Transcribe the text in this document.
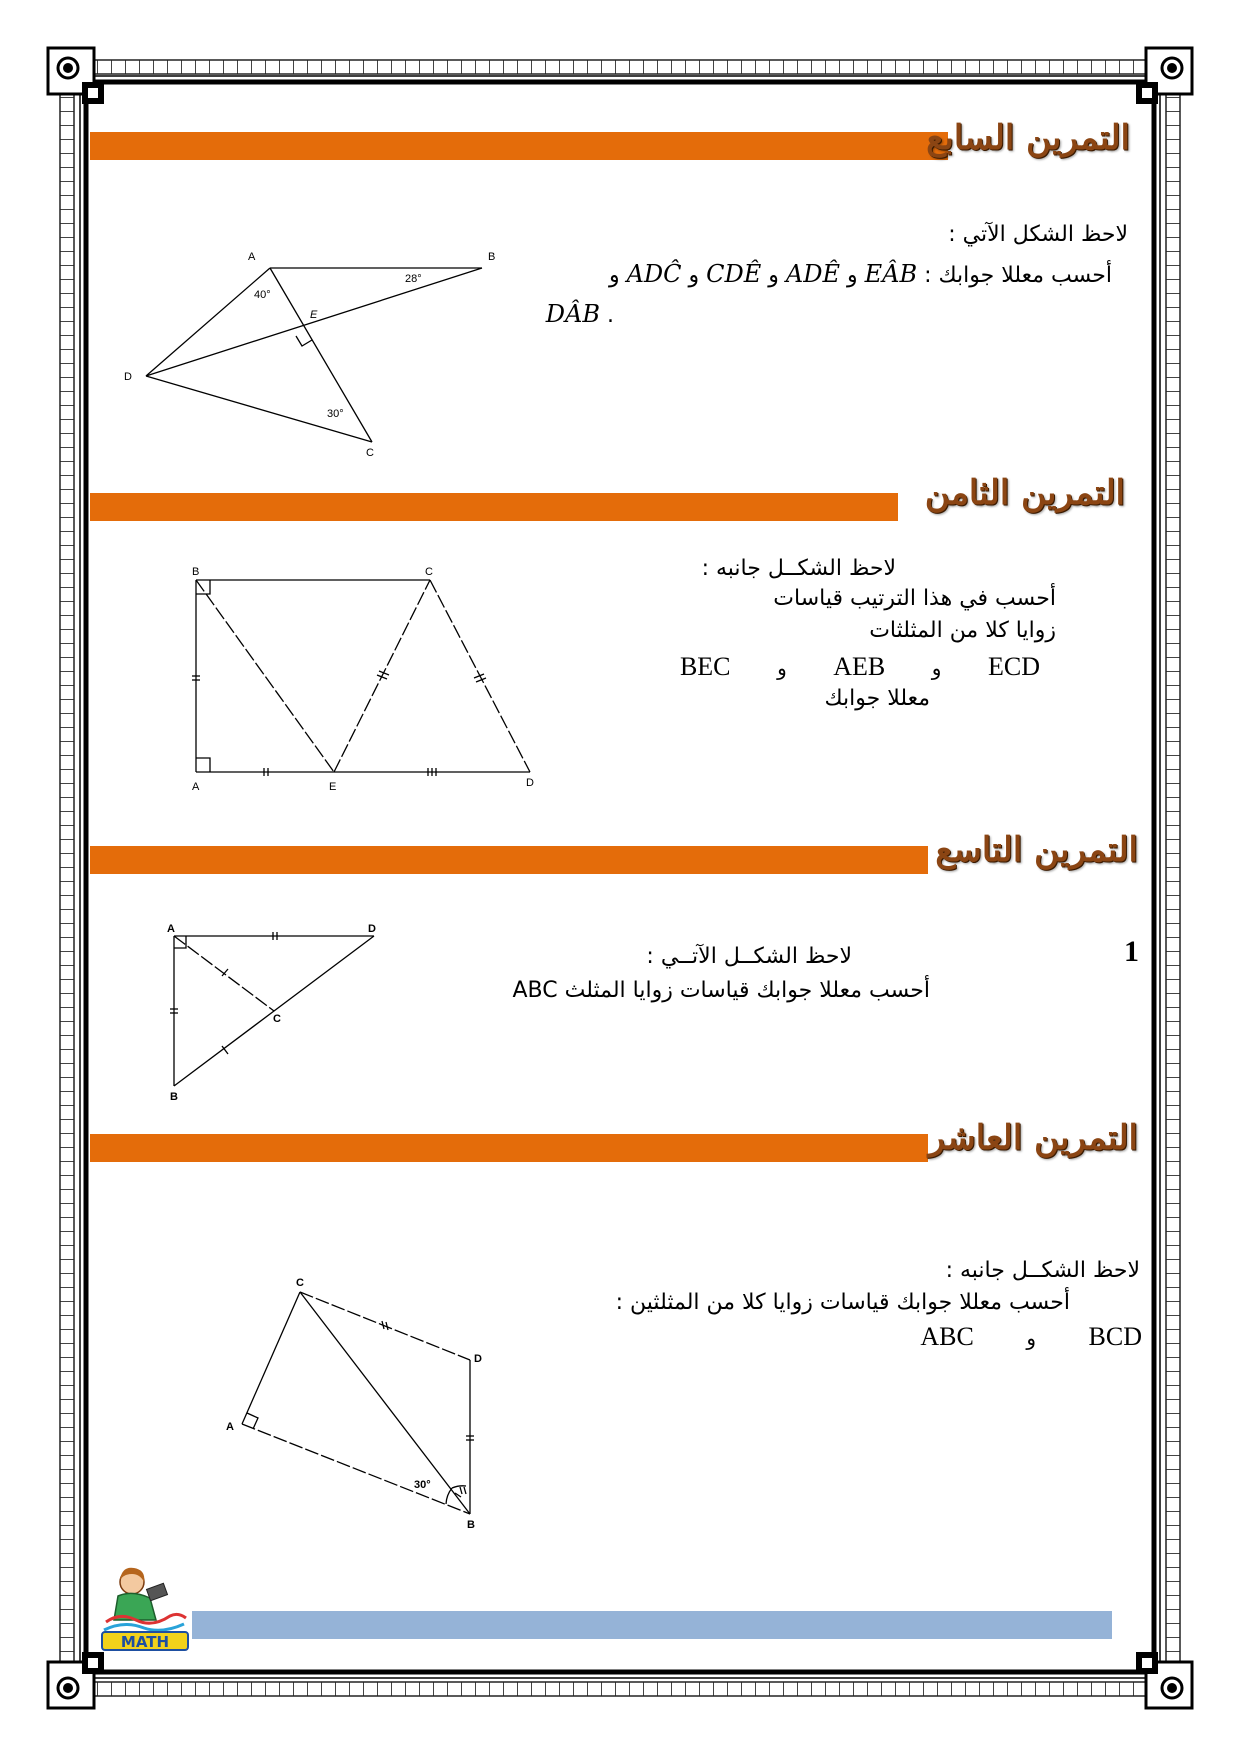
التمرين السابع
لاحظ الشكل الآتي :
أحسب معللا جوابك : EÂB و ADÊ و CDÊ و ADĈ و
. DÂB
A	B
D
E
C
40°
28°
30°
التمرين الثامن
لاحظ الشكــل جانبه :
أحسب في هذا الترتيب قياسات
زوايا كلا من المثلثات
ECD  و  AEB  و  BEC
معللا جوابك
B	C
A	E	D
التمرين التاسع
1
لاحظ الشكــل الآتــي :
أحسب معللا جوابك قياسات زوايا المثلث ABC
A	D
C
B
التمرين العاشر
لاحظ الشكــل جانبه :
أحسب معللا جوابك قياسات زوايا كلا من المثلثين :
BCD  و  ABC
C
D
A
B
30°
MATH
